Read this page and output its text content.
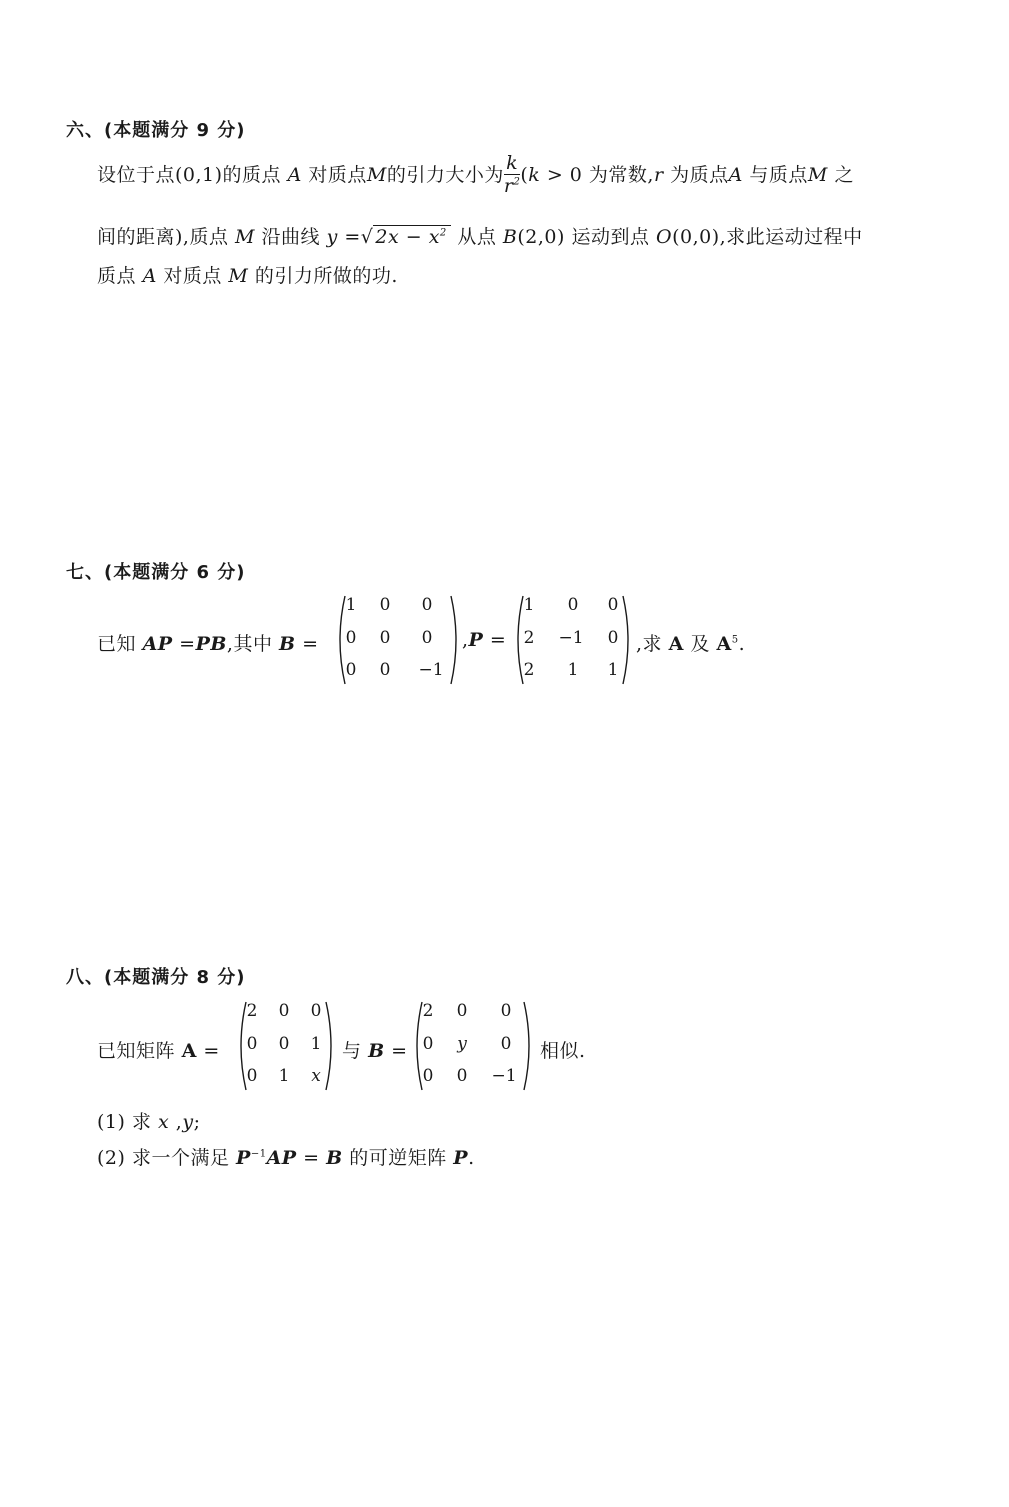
六、(本题满分 9 分)
设位于点(0,1)的质点 A 对质点M的引力大小为 $\frac{k}{r^2} (k > 0$ 为常数,r 为质点A 与质点M 之
间的距离),质点 M 沿曲线 y =√ $2x - x^2$ 从点 B(2,0) 运动到点 O(0,0),求此运动过程中
质点 A 对质点 M 的引力所做的功.
七、(本题满分 6 分)
已知 AP =PB,其中 B =
1	0	0
0	0	0
0	0	−1
,P =
1	0	0
2	−1	0
2	1	1
,求 A 及 $A^5$.
八、(本题满分 8 分)
已知矩阵 A =
2	0	0
0	0	1
0	1	x
与 B =
2	0	0
0	y	0
0	0	−1
相似.
(1) 求 x ,y;
(2) 求一个满足 $P^{-1}AP = B$ 的可逆矩阵 P.
